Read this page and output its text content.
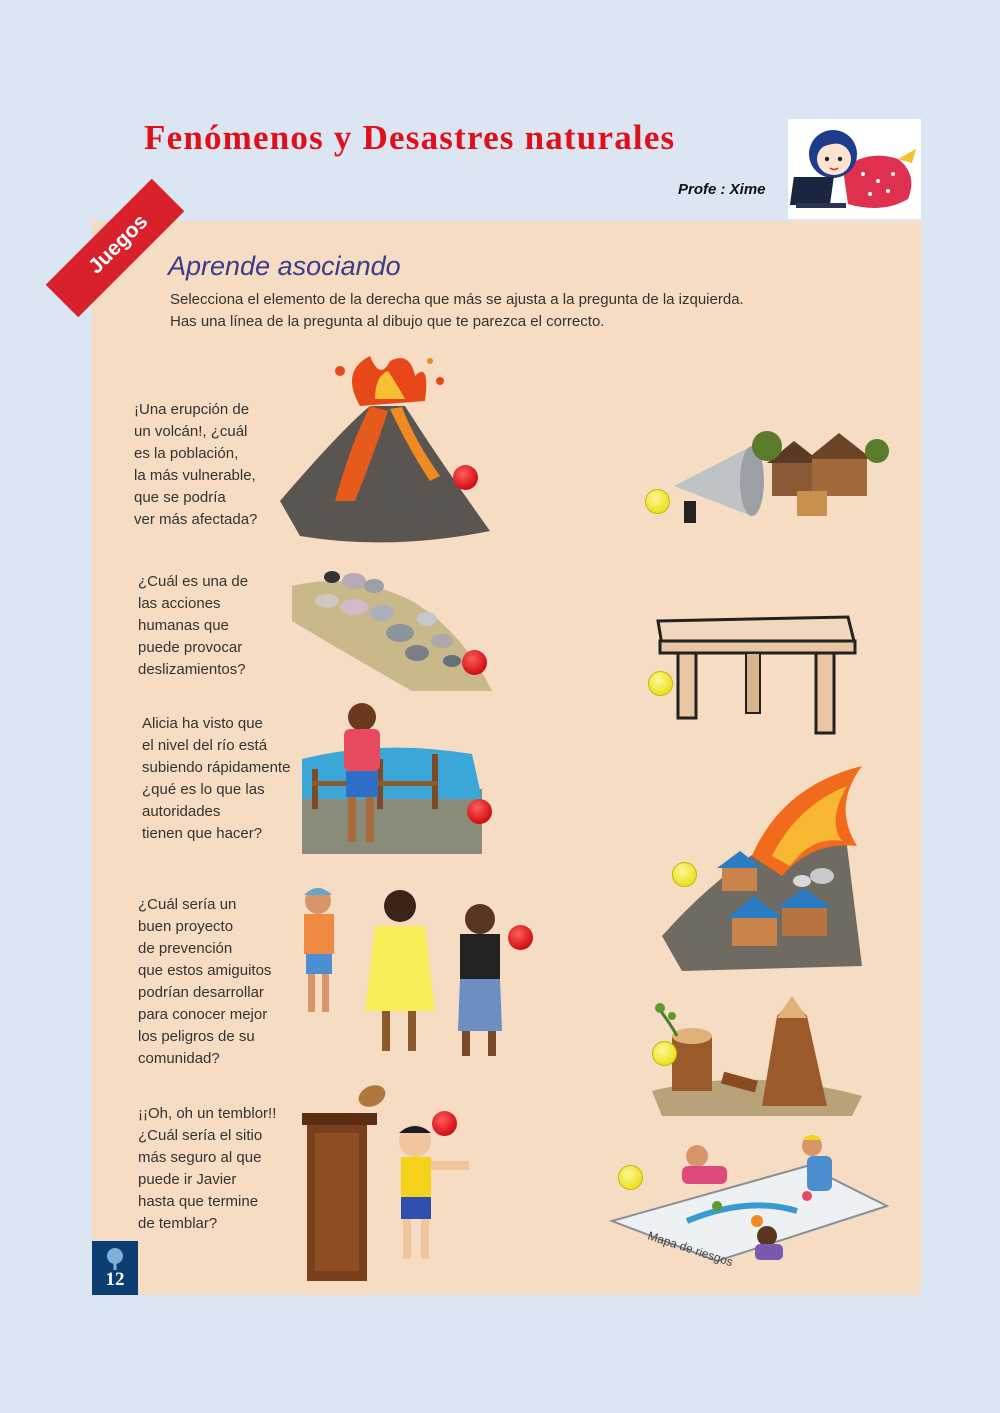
Fenómenos y Desastres naturales
Profe : Xime
Juegos Aprende asociando
Selecciona el elemento de la derecha que más se ajusta a la pregunta de la izquierda.
Has una línea de la pregunta al dibujo que te parezca el correcto.
¡Una erupción de
un volcán!, ¿cuál
es la población,
la más vulnerable,
que se podría
ver más afectada?
¿Cuál es una de
las acciones
humanas que
puede provocar
deslizamientos?
Alicia ha visto que
el nivel del río está
subiendo rápidamente
¿qué es lo que las
autoridades
tienen que hacer?
¿Cuál sería un
buen proyecto
de prevención
que estos amiguitos
podrían desarrollar
para conocer mejor
los peligros de su
comunidad?
¡¡Oh, oh un temblor!!
¿Cuál sería el sitio
más seguro al que
puede ir Javier
hasta que termine
de temblar?
Mapa de riesgos
12
